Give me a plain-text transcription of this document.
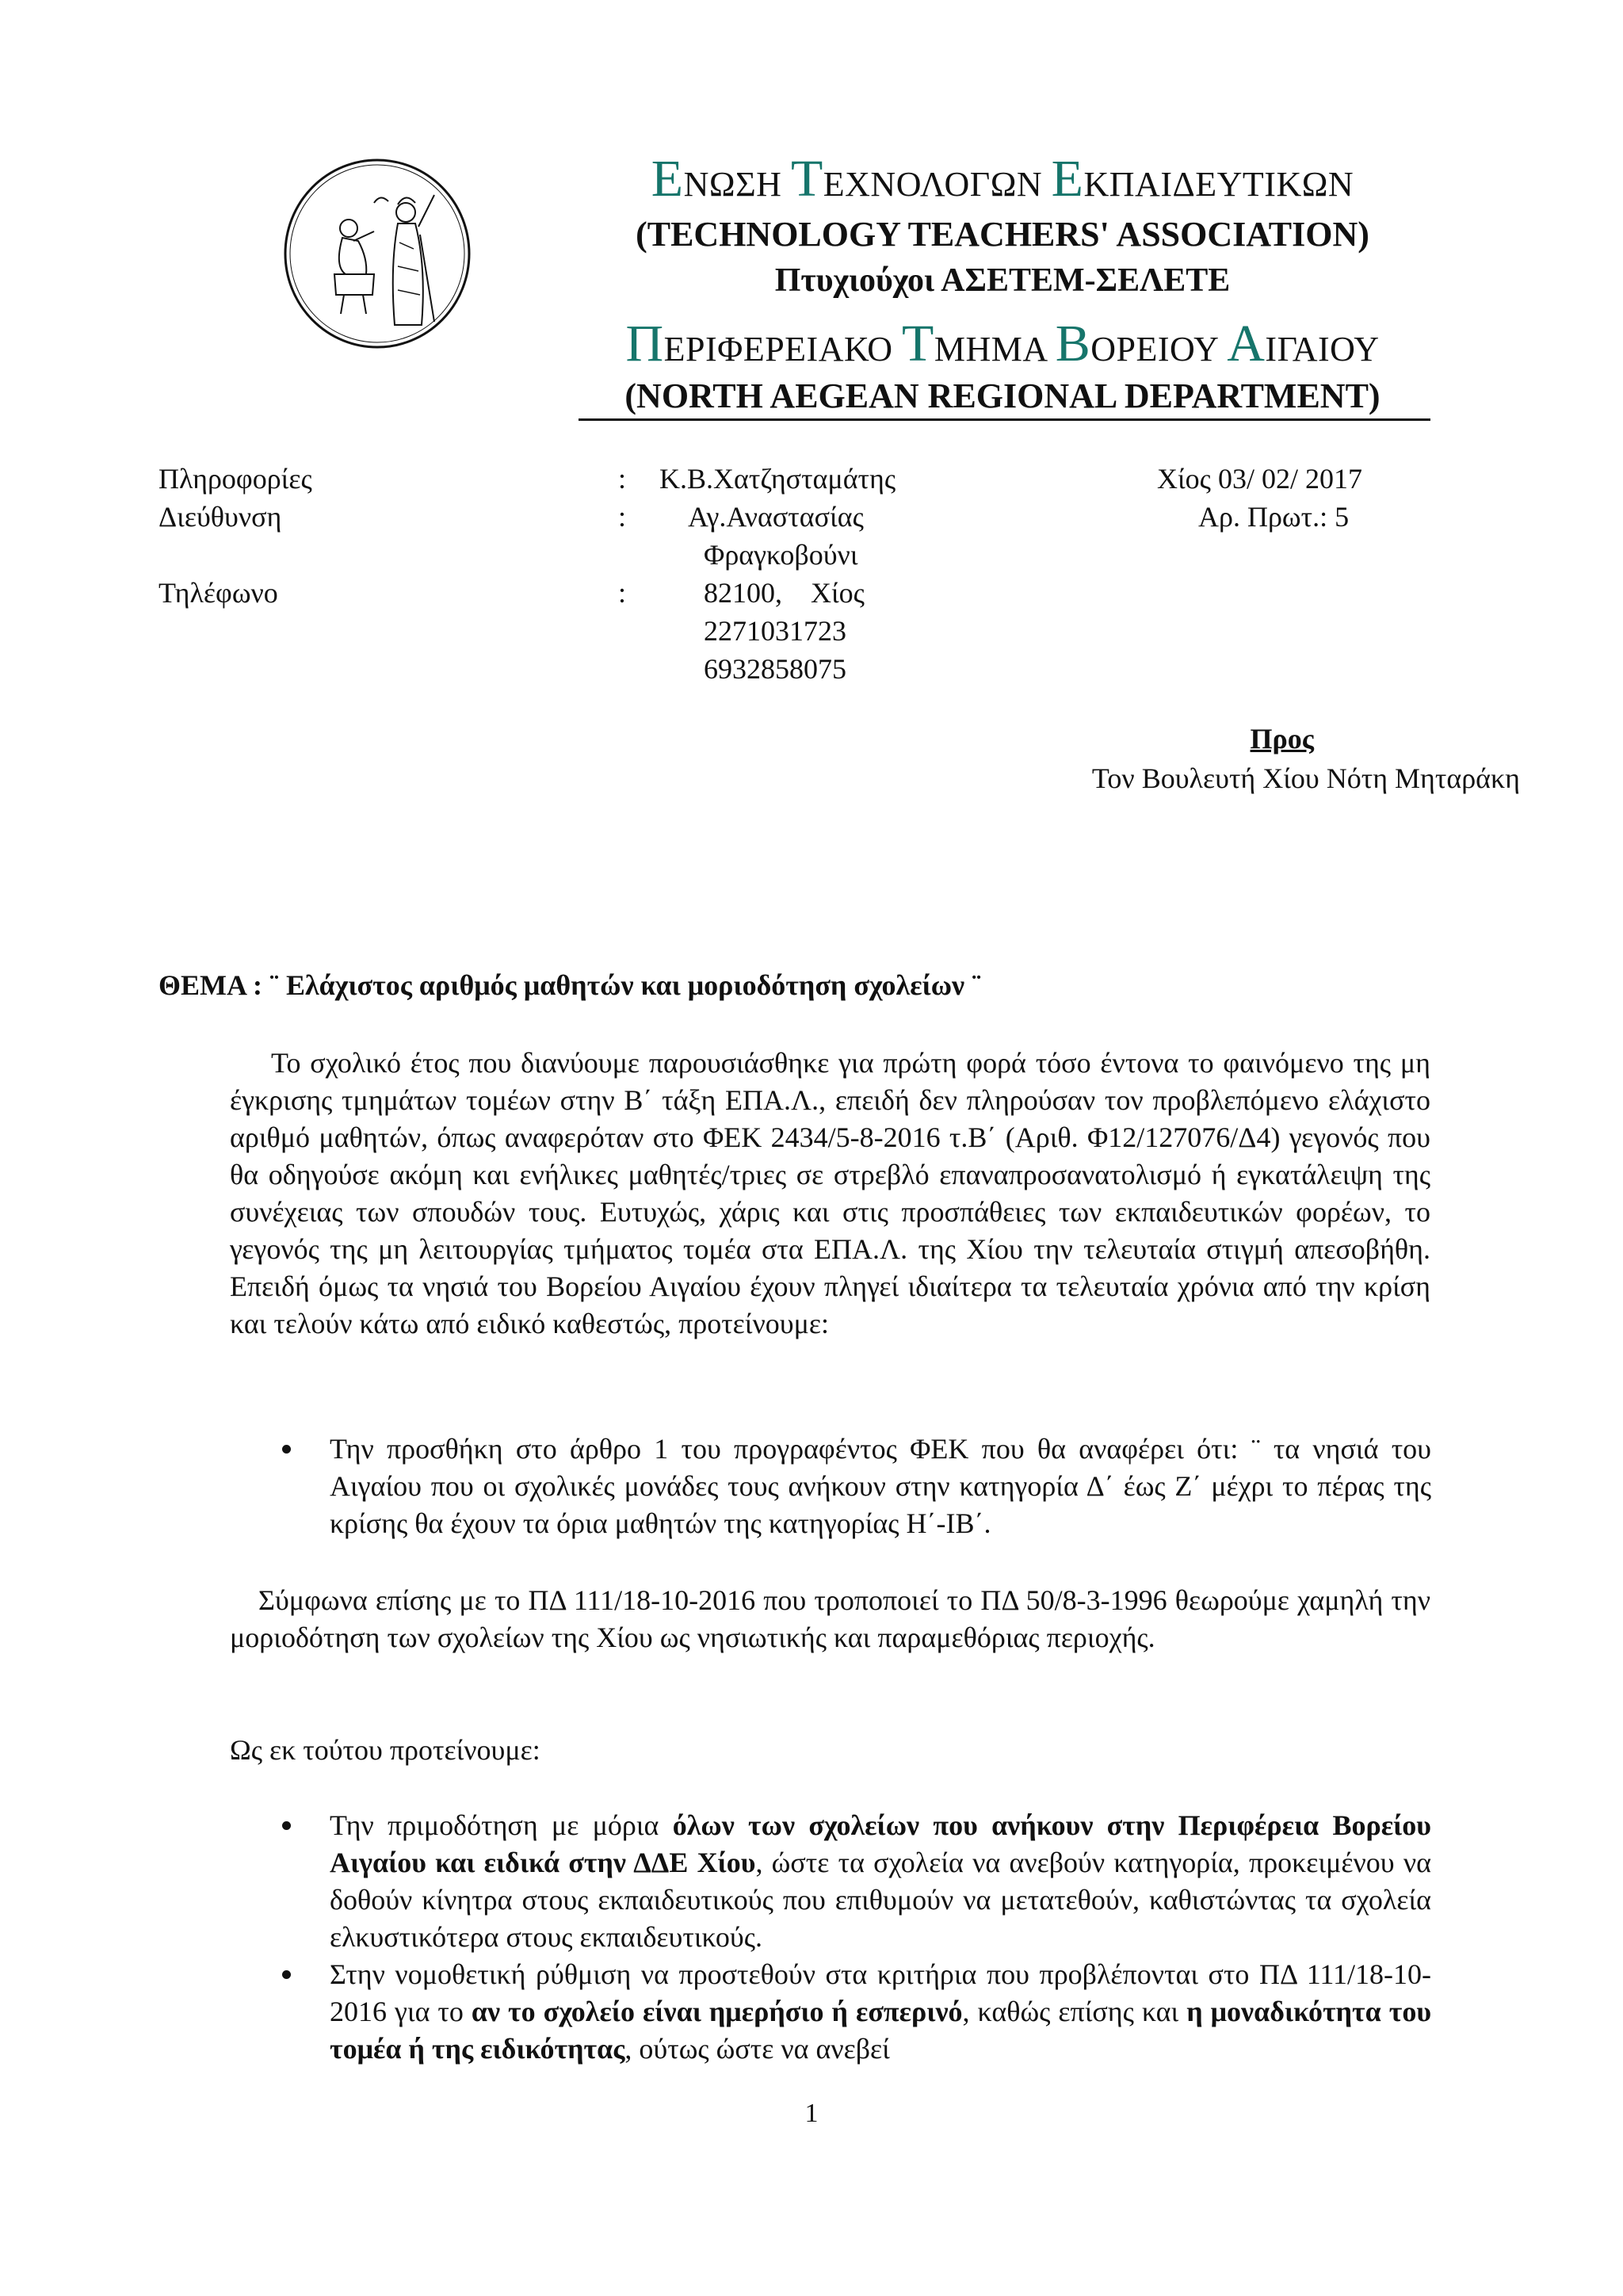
ΕΝΩΣΗ ΤΕΧΝΟΛΟΓΩΝ ΕΚΠΑΙΔΕΥΤΙΚΩΝ
(TECHNOLOGY TEACHERS' ASSOCIATION)
Πτυχιούχοι ΑΣΕΤΕΜ-ΣΕΛΕΤΕ
ΠΕΡΙΦΕΡΕΙΑΚΟ ΤΜΗΜΑ ΒΟΡΕΙΟΥ ΑΙΓΑΙΟΥ
(NORTH AEGEAN REGIONAL DEPARTMENT)
Πληροφορίες	: Κ.Β.Χατζησταμάτης	Χίος 03/ 02/ 2017
Διεύθυνση	: Αγ.Αναστασίας	Αρ. Πρωτ.: 5
Φραγκοβούνι
Τηλέφωνο	:	82100,    Χίος
2271031723
6932858075
Προς
Τον Βουλευτή Χίου Νότη Μηταράκη
ΘΕΜΑ : ¨ Ελάχιστος αριθμός μαθητών και μοριοδότηση σχολείων ¨

Το σχολικό έτος που διανύουμε παρουσιάσθηκε για πρώτη φορά τόσο έντονα το φαινόμενο της μη έγκρισης τμημάτων τομέων στην Β΄ τάξη ΕΠΑ.Λ., επειδή δεν πληρούσαν τον προβλεπόμενο ελάχιστο αριθμό μαθητών, όπως αναφερόταν στο ΦΕΚ 2434/5-8-2016 τ.Β΄ (Αριθ. Φ12/127076/Δ4) γεγονός που θα οδηγούσε ακόμη και ενήλικες μαθητές/τριες σε στρεβλό επαναπροσανατολισμό ή εγκατάλειψη της συνέχειας των σπουδών τους. Ευτυχώς, χάρις και στις προσπάθειες των εκπαιδευτικών φορέων, το γεγονός της μη λειτουργίας τμήματος τομέα στα ΕΠΑ.Λ. της Χίου την τελευταία στιγμή απεσοβήθη. Επειδή όμως τα νησιά του Βορείου Αιγαίου έχουν πληγεί ιδιαίτερα τα τελευταία χρόνια από την κρίση και τελούν κάτω από ειδικό καθεστώς, προτείνουμε:

Την προσθήκη στο άρθρο 1 του προγραφέντος ΦΕΚ που θα αναφέρει ότι: ¨ τα νησιά του Αιγαίου που οι σχολικές μονάδες τους ανήκουν στην κατηγορία Δ΄ έως Ζ΄ μέχρι το πέρας της κρίσης θα έχουν τα όρια μαθητών της κατηγορίας Η΄-ΙΒ΄.

Σύμφωνα επίσης με το ΠΔ 111/18-10-2016 που τροποποιεί το ΠΔ 50/8-3-1996 θεωρούμε χαμηλή την μοριοδότηση των σχολείων της Χίου ως νησιωτικής και παραμεθόριας περιοχής.

Ως εκ τούτου προτείνουμε:

Την πριμοδότηση με μόρια όλων των σχολείων που ανήκουν στην Περιφέρεια Βορείου Αιγαίου και ειδικά στην ΔΔΕ Χίου, ώστε τα σχολεία να ανεβούν κατηγορία, προκειμένου να δοθούν κίνητρα στους εκπαιδευτικούς που επιθυμούν να μετατεθούν, καθιστώντας τα σχολεία ελκυστικότερα στους εκπαιδευτικούς.
Στην νομοθετική ρύθμιση να προστεθούν στα κριτήρια που προβλέπονται στο ΠΔ 111/18-10-2016 για το αν το σχολείο είναι ημερήσιο ή εσπερινό, καθώς επίσης και η μοναδικότητα του τομέα ή της ειδικότητας, ούτως ώστε να ανεβεί
1
